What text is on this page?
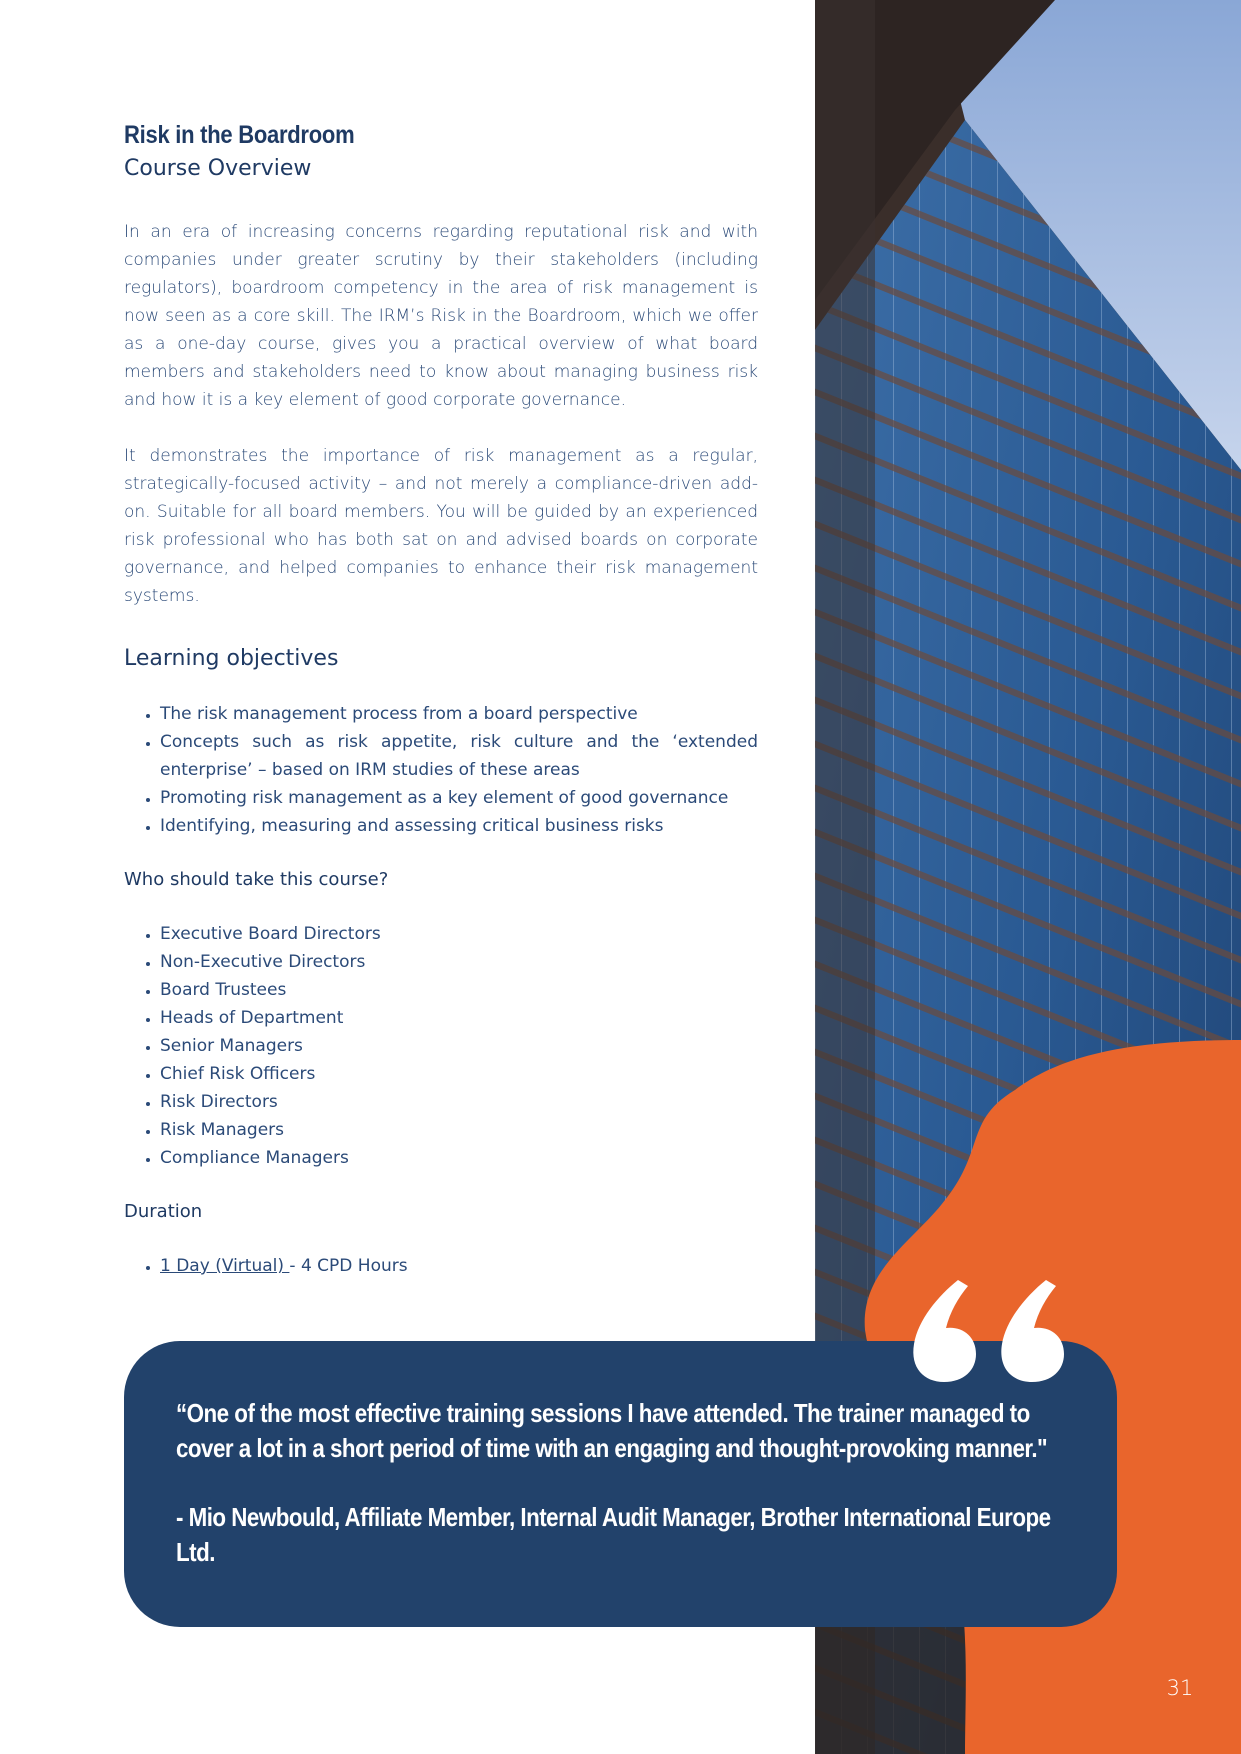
Risk in the Boardroom
Course Overview

In an era of increasing concerns regarding reputational risk and with companies under greater scrutiny by their stakeholders (including regulators), boardroom competency in the area of risk management is now seen as a core skill. The IRM’s Risk in the Boardroom, which we offer as a one-day course, gives you a practical overview of what board members and stakeholders need to know about managing business risk and how it is a key element of good corporate governance.

It demonstrates the importance of risk management as a regular, strategically-focused activity – and not merely a compliance-driven add-on. Suitable for all board members. You will be guided by an experienced risk professional who has both sat on and advised boards on corporate governance, and helped companies to enhance their risk management systems.

Learning objectives
• The risk management process from a board perspective
• Concepts such as risk appetite, risk culture and the ‘extended enterprise’ – based on IRM studies of these areas
• Promoting risk management as a key element of good governance
• Identifying, measuring and assessing critical business risks
Who should take this course?
• Executive Board Directors
• Non-Executive Directors
• Board Trustees
• Heads of Department
• Senior Managers
• Chief Risk Officers
• Risk Directors
• Risk Managers
• Compliance Managers
Duration
• 1 Day (Virtual) - 4 CPD Hours

“One of the most effective training sessions I have attended. The trainer managed to cover a lot in a short period of time with an engaging and thought-provoking manner."

- Mio Newbould, Affiliate Member, Internal Audit Manager, Brother International Europe Ltd.

31
